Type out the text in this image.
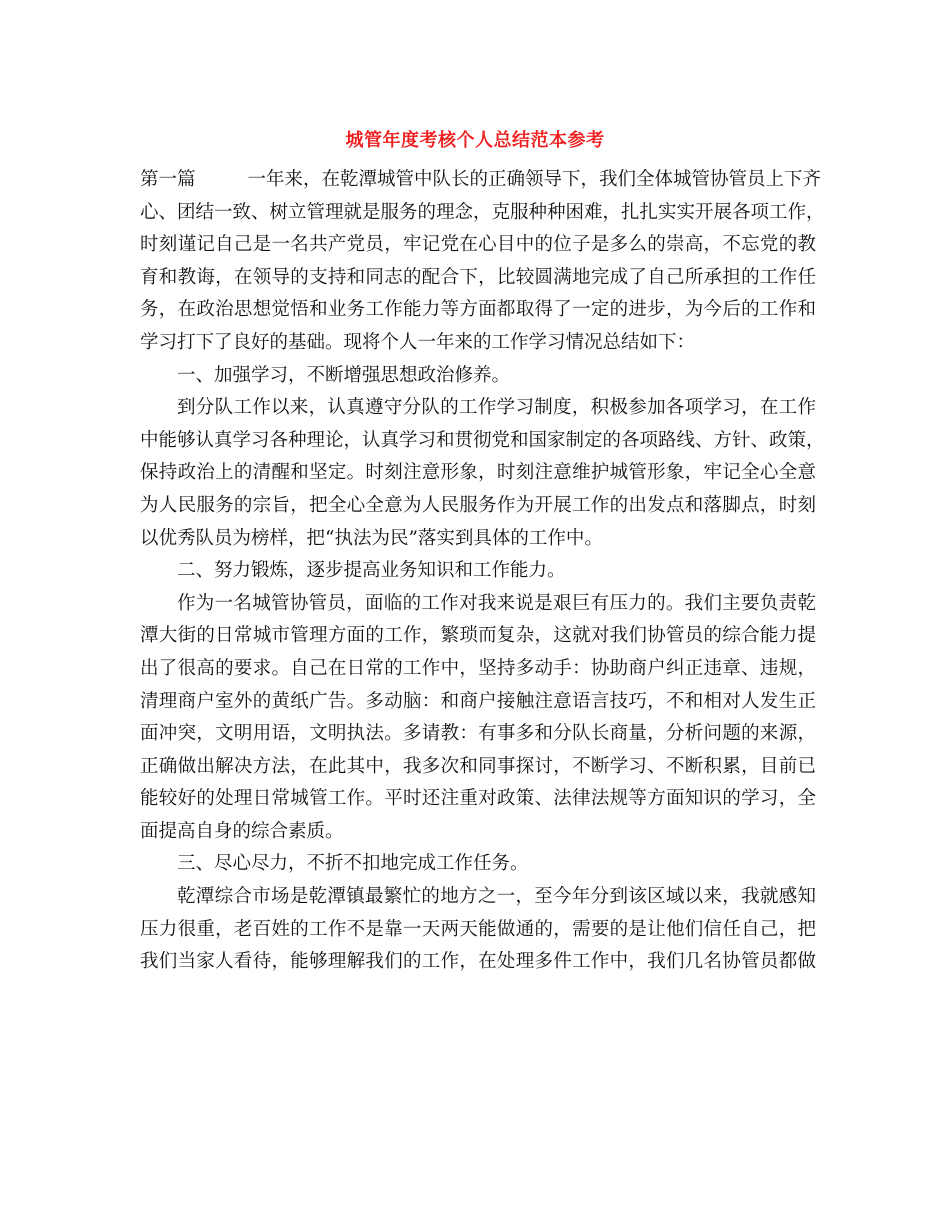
城管年度考核个人总结范本参考

第一篇	一年来，在乾潭城管中队长的正确领导下，我们全体城管协管员上下齐
心、团结一致、树立管理就是服务的理念，克服种种困难，扎扎实实开展各项工作，
时刻谨记自己是一名共产党员，牢记党在心目中的位子是多么的崇高，不忘党的教
育和教诲，在领导的支持和同志的配合下，比较圆满地完成了自己所承担的工作任
务，在政治思想觉悟和业务工作能力等方面都取得了一定的进步，为今后的工作和
学习打下了良好的基础。现将个人一年来的工作学习情况总结如下：

一、加强学习，不断增强思想政治修养。

到分队工作以来，认真遵守分队的工作学习制度，积极参加各项学习，在工作
中能够认真学习各种理论，认真学习和贯彻党和国家制定的各项路线、方针、政策，
保持政治上的清醒和坚定。时刻注意形象，时刻注意维护城管形象，牢记全心全意
为人民服务的宗旨，把全心全意为人民服务作为开展工作的出发点和落脚点，时刻
以优秀队员为榜样，把“执法为民”落实到具体的工作中。

二、努力锻炼，逐步提高业务知识和工作能力。

作为一名城管协管员，面临的工作对我来说是艰巨有压力的。我们主要负责乾
潭大街的日常城市管理方面的工作，繁琐而复杂，这就对我们协管员的综合能力提
出了很高的要求。自己在日常的工作中，坚持多动手：协助商户纠正违章、违规，
清理商户室外的黄纸广告。多动脑：和商户接触注意语言技巧，不和相对人发生正
面冲突，文明用语，文明执法。多请教：有事多和分队长商量，分析问题的来源，
正确做出解决方法，在此其中，我多次和同事探讨，不断学习、不断积累，目前已
能较好的处理日常城管工作。平时还注重对政策、法律法规等方面知识的学习，全
面提高自身的综合素质。

三、尽心尽力，不折不扣地完成工作任务。

乾潭综合市场是乾潭镇最繁忙的地方之一，至今年分到该区域以来，我就感知
压力很重，老百姓的工作不是靠一天两天能做通的，需要的是让他们信任自己，把
我们当家人看待，能够理解我们的工作，在处理多件工作中，我们几名协管员都做
